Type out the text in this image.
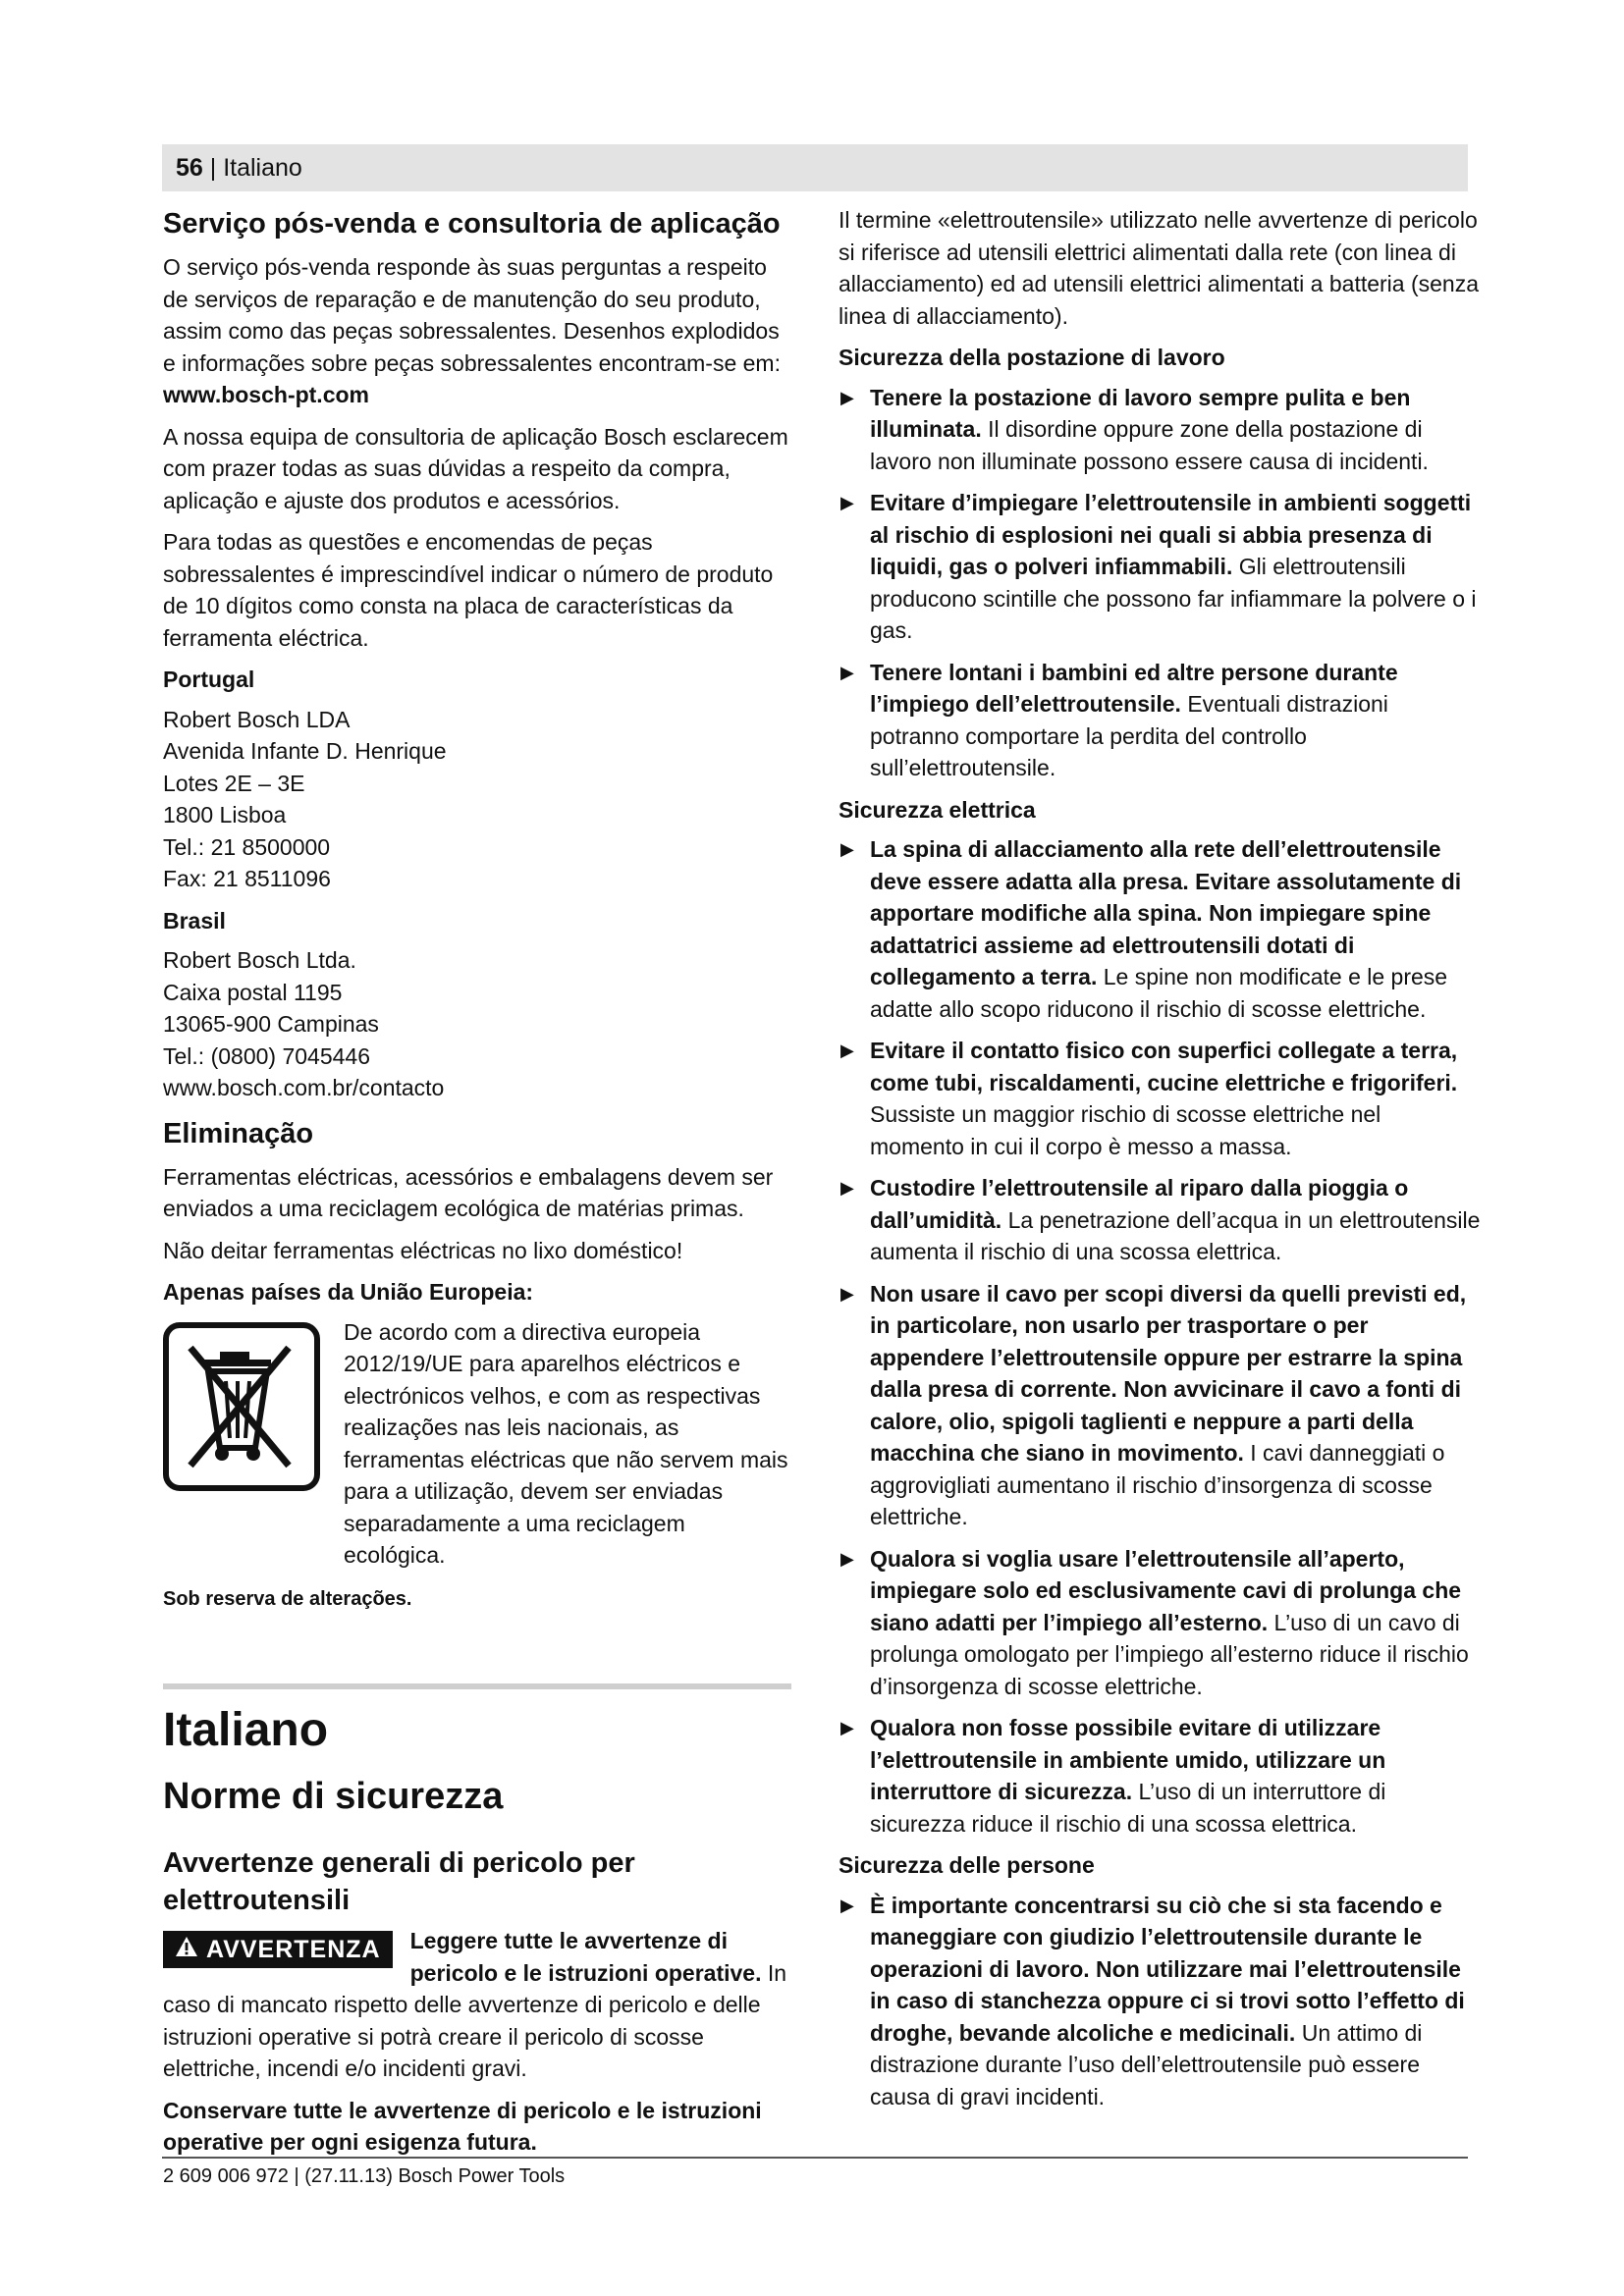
56 | Italiano
Serviço pós-venda e consultoria de aplicação

O serviço pós-venda responde às suas perguntas a respeito de serviços de reparação e de manutenção do seu produto, assim como das peças sobressalentes. Desenhos explodidos e informações sobre peças sobressalentes encontram-se em:
www.bosch-pt.com

A nossa equipa de consultoria de aplicação Bosch esclarecem com prazer todas as suas dúvidas a respeito da compra, aplicação e ajuste dos produtos e acessórios.

Para todas as questões e encomendas de peças sobressalentes é imprescindível indicar o número de produto de 10 dígitos como consta na placa de características da ferramenta eléctrica.

Portugal
Robert Bosch LDA
Avenida Infante D. Henrique
Lotes 2E – 3E
1800 Lisboa
Tel.: 21 8500000
Fax: 21 8511096
Brasil
Robert Bosch Ltda.
Caixa postal 1195
13065-900 Campinas
Tel.: (0800) 7045446
www.bosch.com.br/contacto
Eliminação

Ferramentas eléctricas, acessórios e embalagens devem ser enviados a uma reciclagem ecológica de matérias primas.

Não deitar ferramentas eléctricas no lixo doméstico!

Apenas países da União Europeia:
De acordo com a directiva europeia 2012/19/UE para aparelhos eléctricos e electrónicos velhos, e com as respectivas realizações nas leis nacionais, as ferramentas eléctricas que não servem mais para a utilização, devem ser enviadas separadamente a uma reciclagem ecológica.
Sob reserva de alterações.
Italiano
Norme di sicurezza
Avvertenze generali di pericolo per elettroutensili

AVVERTENZA	Leggere tutte le avvertenze di pericolo e le istruzioni operative. In caso di mancato rispetto delle avvertenze di pericolo e delle istruzioni operative si potrà creare il pericolo di scosse elettriche, incendi e/o incidenti gravi.

Conservare tutte le avvertenze di pericolo e le istruzioni operative per ogni esigenza futura.

Il termine «elettroutensile» utilizzato nelle avvertenze di pericolo si riferisce ad utensili elettrici alimentati dalla rete (con linea di allacciamento) ed ad utensili elettrici alimentati a batteria (senza linea di allacciamento).

Sicurezza della postazione di lavoro
▶ Tenere la postazione di lavoro sempre pulita e ben illuminata. Il disordine oppure zone della postazione di lavoro non illuminate possono essere causa di incidenti.
▶ Evitare d’impiegare l’elettroutensile in ambienti soggetti al rischio di esplosioni nei quali si abbia presenza di liquidi, gas o polveri infiammabili. Gli elettroutensili producono scintille che possono far infiammare la polvere o i gas.
▶ Tenere lontani i bambini ed altre persone durante l’impiego dell’elettroutensile. Eventuali distrazioni potranno comportare la perdita del controllo sull’elettroutensile.
Sicurezza elettrica
▶ La spina di allacciamento alla rete dell’elettroutensile deve essere adatta alla presa. Evitare assolutamente di apportare modifiche alla spina. Non impiegare spine adattatrici assieme ad elettroutensili dotati di collegamento a terra. Le spine non modificate e le prese adatte allo scopo riducono il rischio di scosse elettriche.
▶ Evitare il contatto fisico con superfici collegate a terra, come tubi, riscaldamenti, cucine elettriche e frigoriferi. Sussiste un maggior rischio di scosse elettriche nel momento in cui il corpo è messo a massa.
▶ Custodire l’elettroutensile al riparo dalla pioggia o dall’umidità. La penetrazione dell’acqua in un elettroutensile aumenta il rischio di una scossa elettrica.
▶ Non usare il cavo per scopi diversi da quelli previsti ed, in particolare, non usarlo per trasportare o per appendere l’elettroutensile oppure per estrarre la spina dalla presa di corrente. Non avvicinare il cavo a fonti di calore, olio, spigoli taglienti e neppure a parti della macchina che siano in movimento. I cavi danneggiati o aggrovigliati aumentano il rischio d’insorgenza di scosse elettriche.
▶ Qualora si voglia usare l’elettroutensile all’aperto, impiegare solo ed esclusivamente cavi di prolunga che siano adatti per l’impiego all’esterno. L’uso di un cavo di prolunga omologato per l’impiego all’esterno riduce il rischio d’insorgenza di scosse elettriche.
▶ Qualora non fosse possibile evitare di utilizzare l’elettroutensile in ambiente umido, utilizzare un interruttore di sicurezza. L’uso di un interruttore di sicurezza riduce il rischio di una scossa elettrica.
Sicurezza delle persone
▶ È importante concentrarsi su ciò che si sta facendo e maneggiare con giudizio l’elettroutensile durante le operazioni di lavoro. Non utilizzare mai l’elettroutensile in caso di stanchezza oppure ci si trovi sotto l’effetto di droghe, bevande alcoliche e medicinali. Un attimo di distrazione durante l’uso dell’elettroutensile può essere causa di gravi incidenti.
2 609 006 972 | (27.11.13) Bosch Power Tools
